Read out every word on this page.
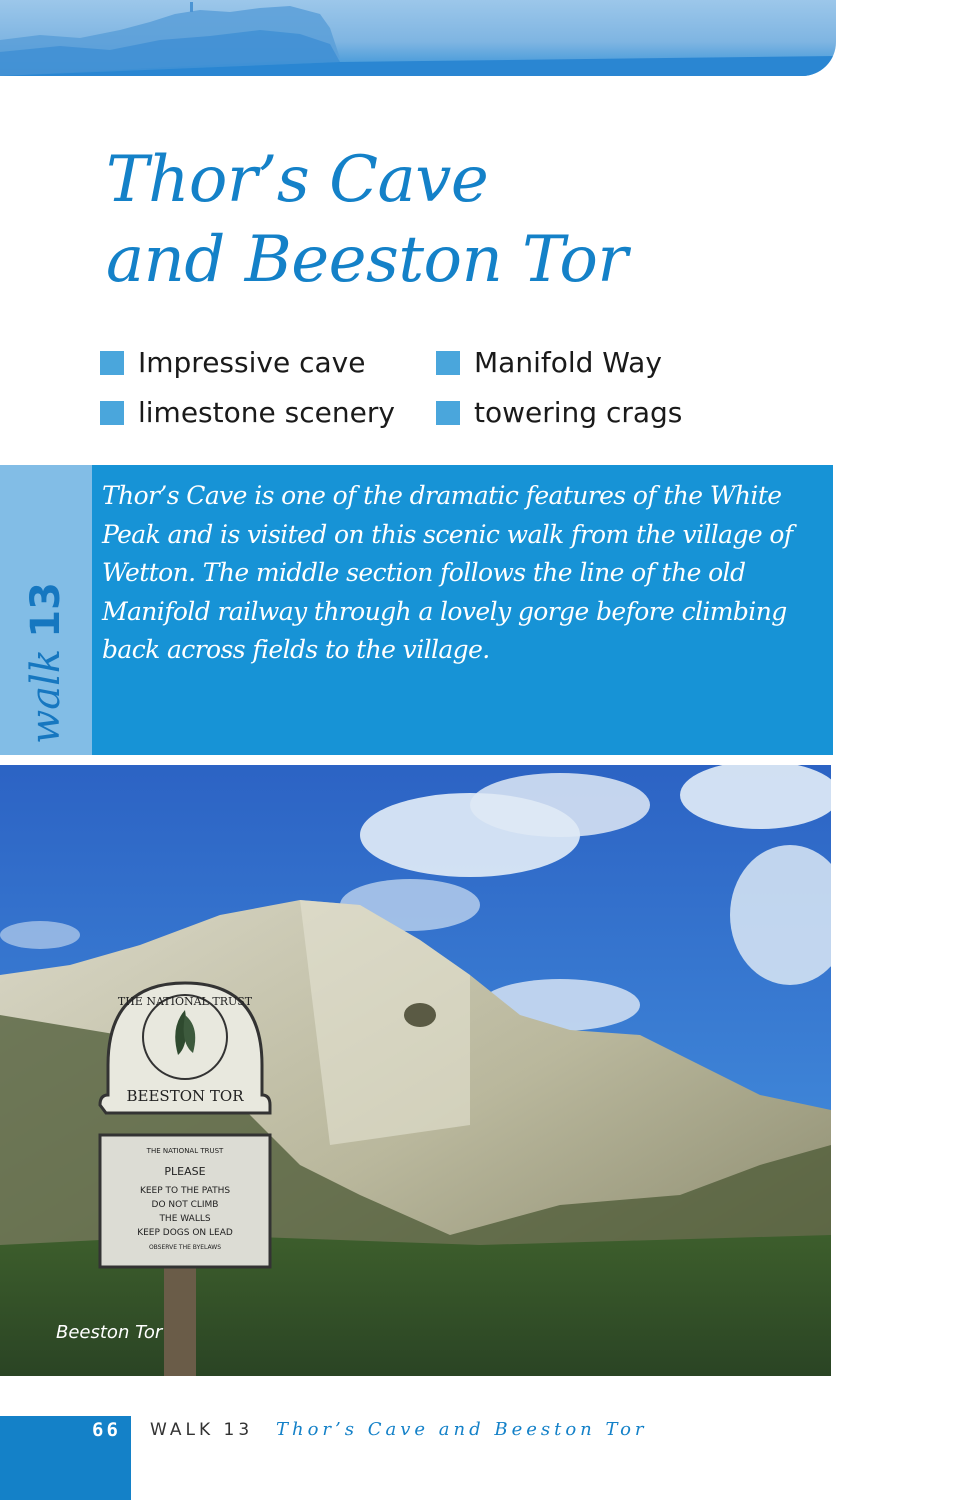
Thor’s Cave
and Beeston Tor
Impressive cave	Manifold Way
limestone scenery	towering crags
walk 13

Thor’s Cave is one of the dramatic features of the White Peak and is visited on this scenic walk from the village of Wetton. The middle section follows the line of the old Manifold railway through a lovely gorge before climbing back across fields to the village.

THE NATIONAL TRUST
BEESTON TOR
THE NATIONAL TRUST
PLEASE
KEEP TO THE PATHS
DO NOT CLIMB
THE WALLS
KEEP DOGS ON LEAD
OBSERVE THE BYELAWS
Beeston Tor
66 WALK 13 Thor’s Cave and Beeston Tor
